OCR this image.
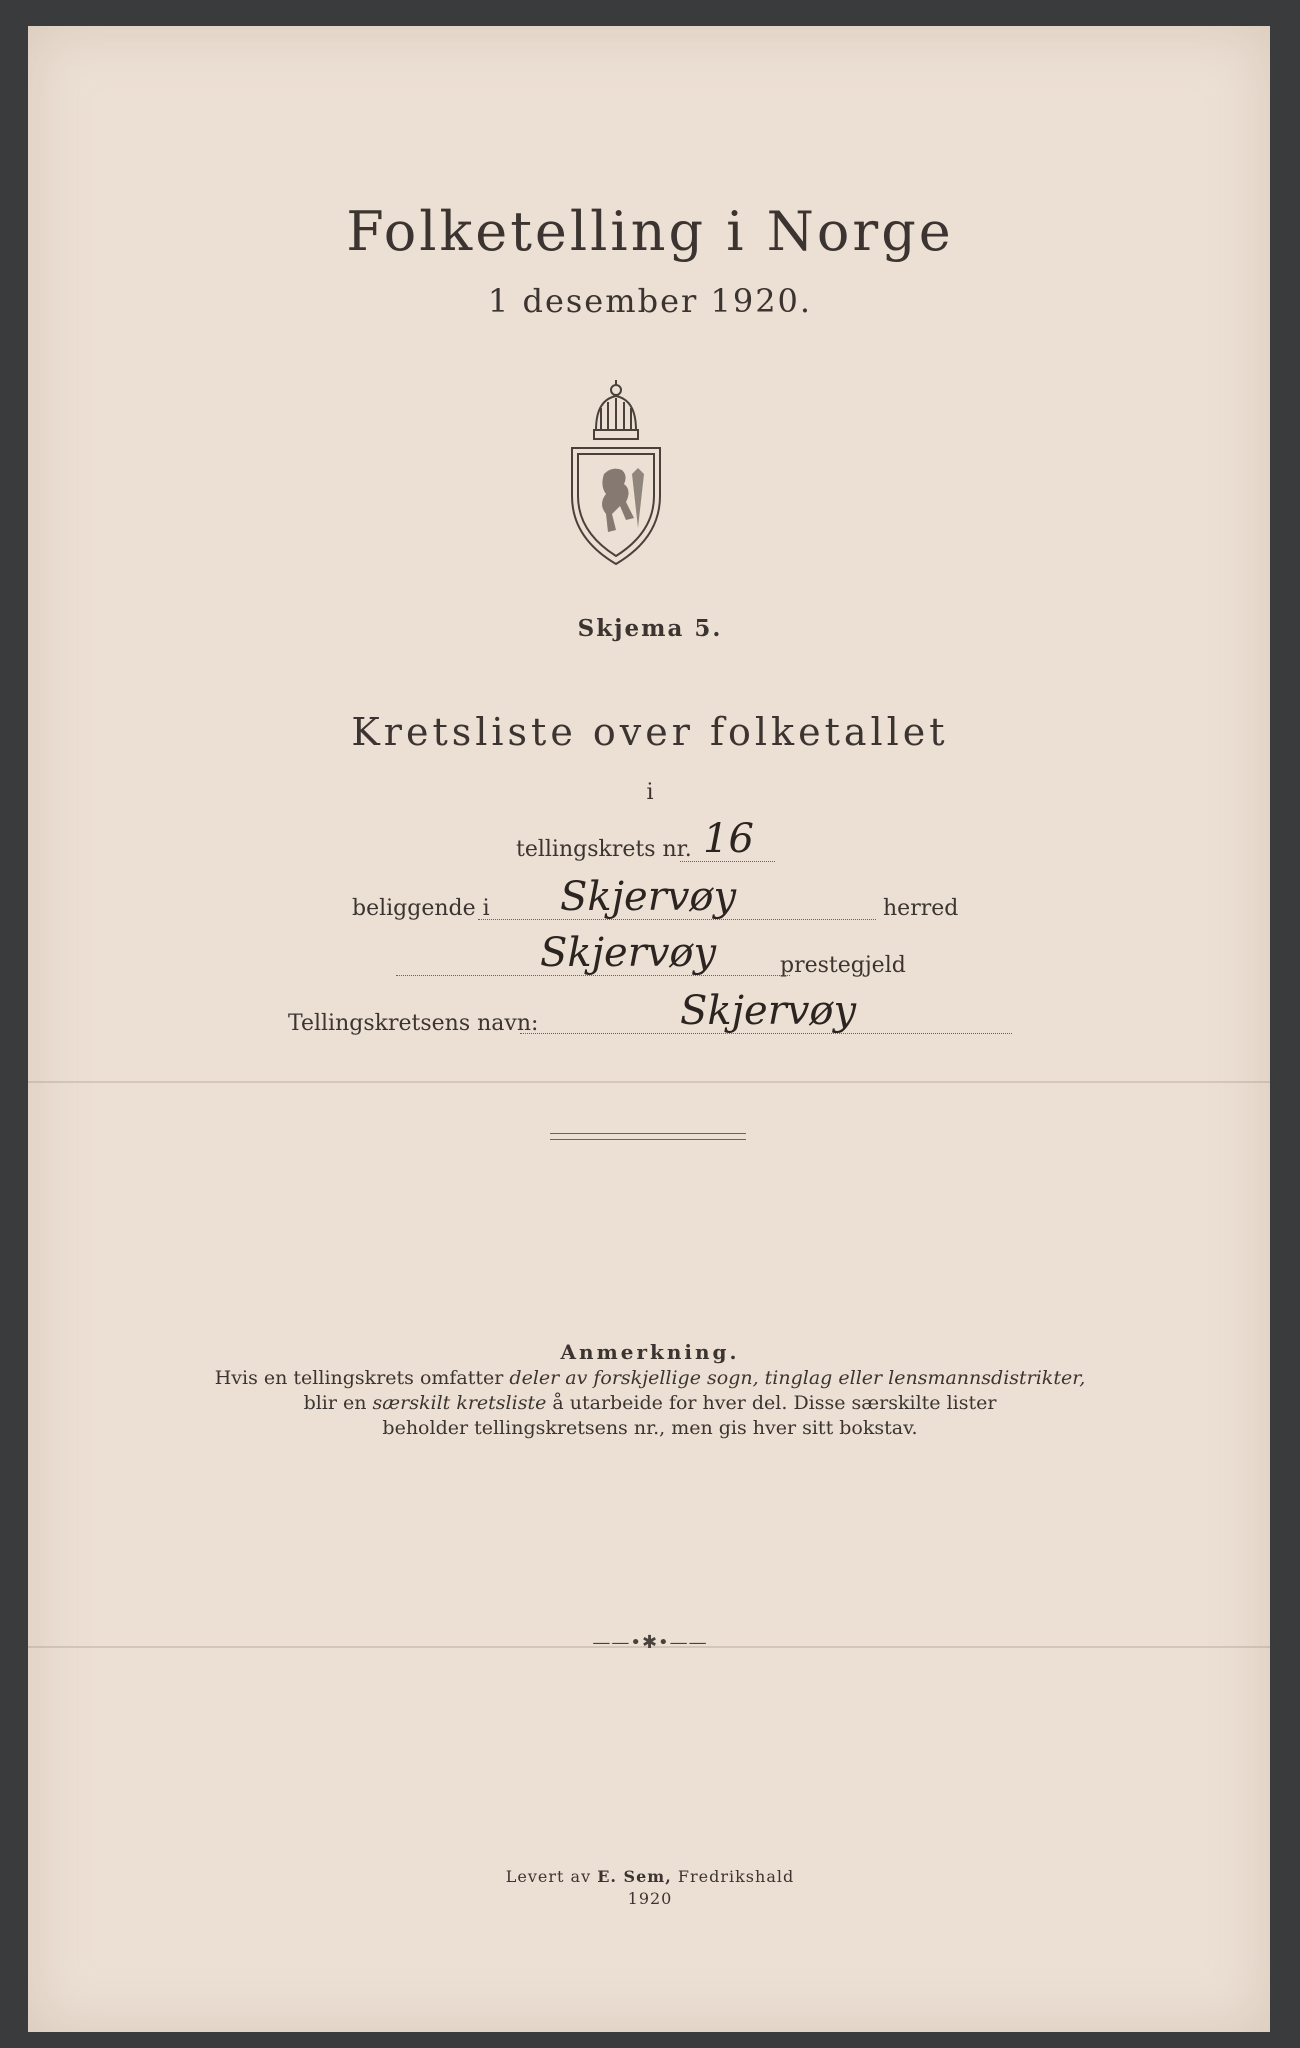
Folketelling i Norge
1 desember 1920.
Skjema 5.
Kretsliste over folketallet
i
tellingskrets nr. 16
beliggende i Skjervøy	herred
Skjervøy	prestegjeld
Tellingskretsens navn:	Skjervøy
Anmerkning.
Hvis en tellingskrets omfatter deler av forskjellige sogn, tinglag eller lensmannsdistrikter,
blir en særskilt kretsliste å utarbeide for hver del. Disse særskilte lister
beholder tellingskretsens nr., men gis hver sitt bokstav.
——•✱•——
Levert av E. Sem, Fredrikshald
1920
